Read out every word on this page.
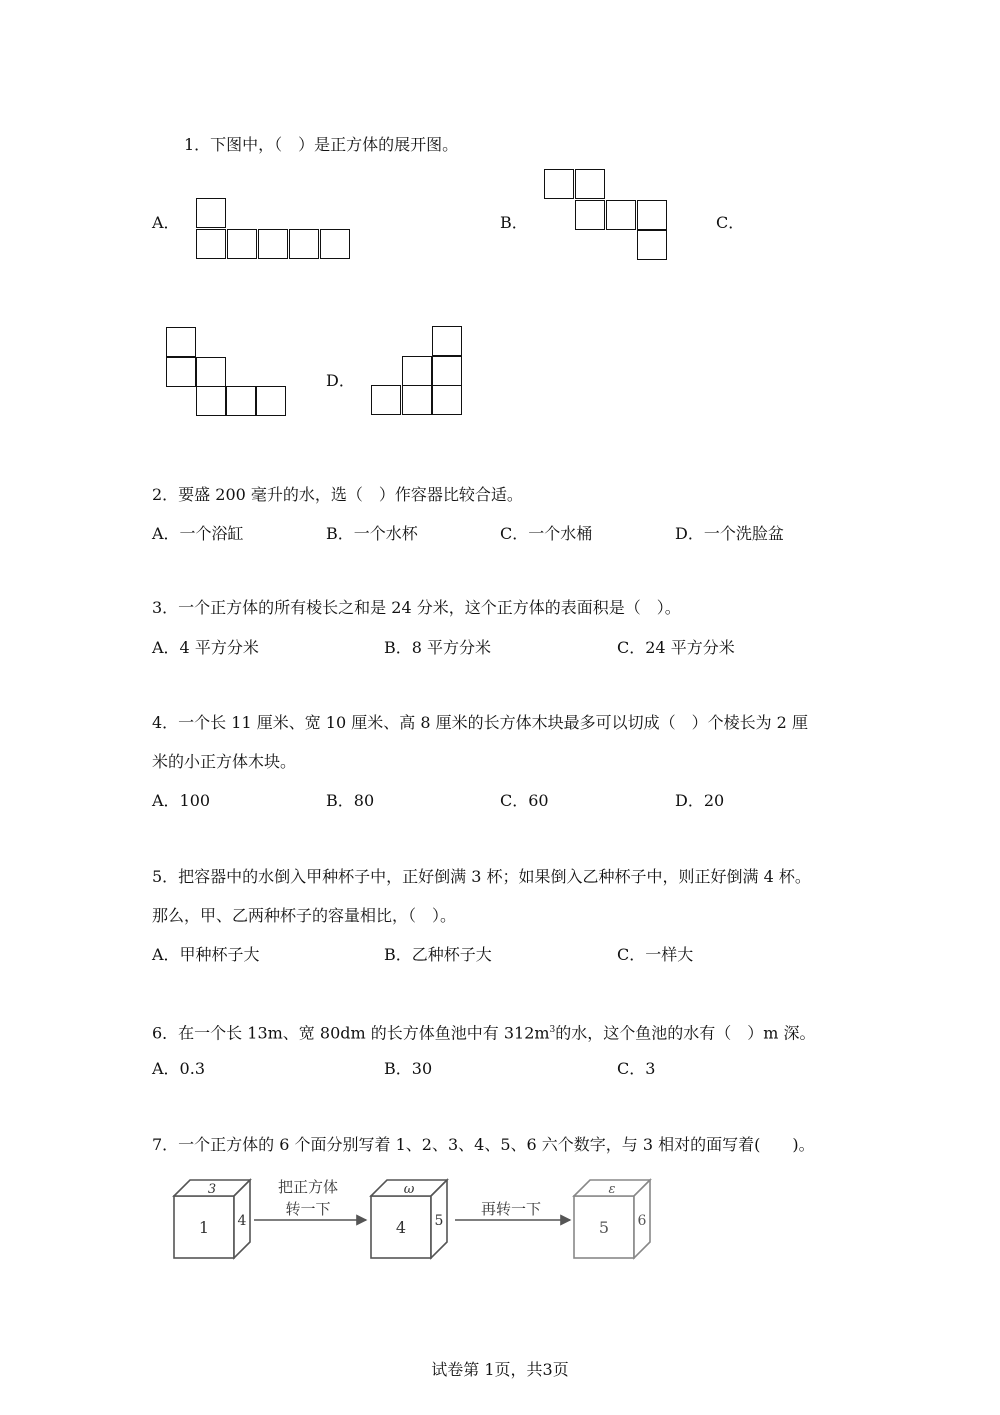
1．下图中，（　）是正方体的展开图。
A．	B．	C．
D．
2．要盛 200 毫升的水，选（　）作容器比较合适。
A．一个浴缸	B．一个水杯	C．一个水桶	D．一个洗脸盆
3．一个正方体的所有棱长之和是 24 分米，这个正方体的表面积是（　）。
A．4 平方分米	B．8 平方分米	C．24 平方分米
4．一个长 11 厘米、宽 10 厘米、高 8 厘米的长方体木块最多可以切成（　）个棱长为 2 厘
米的小正方体木块。
A．100	B．80	C．60	D．20
5．把容器中的水倒入甲种杯子中，正好倒满 3 杯；如果倒入乙种杯子中，则正好倒满 4 杯。
那么，甲、乙两种杯子的容量相比，（　）。
A．甲种杯子大	B．乙种杯子大	C．一样大
6．在一个长 13m、宽 80dm 的长方体鱼池中有 $312m^3$的水，这个鱼池的水有（　）m 深。
A．0.3	B．30	C．3
7．一个正方体的 6 个面分别写着 1、2、3、4、5、6 六个数字，与 3 相对的面写着(　　)。
1
3
4
把正方体
转一下
4
ω
5
再转一下
5
ε
6
试卷第 1页，共3页
